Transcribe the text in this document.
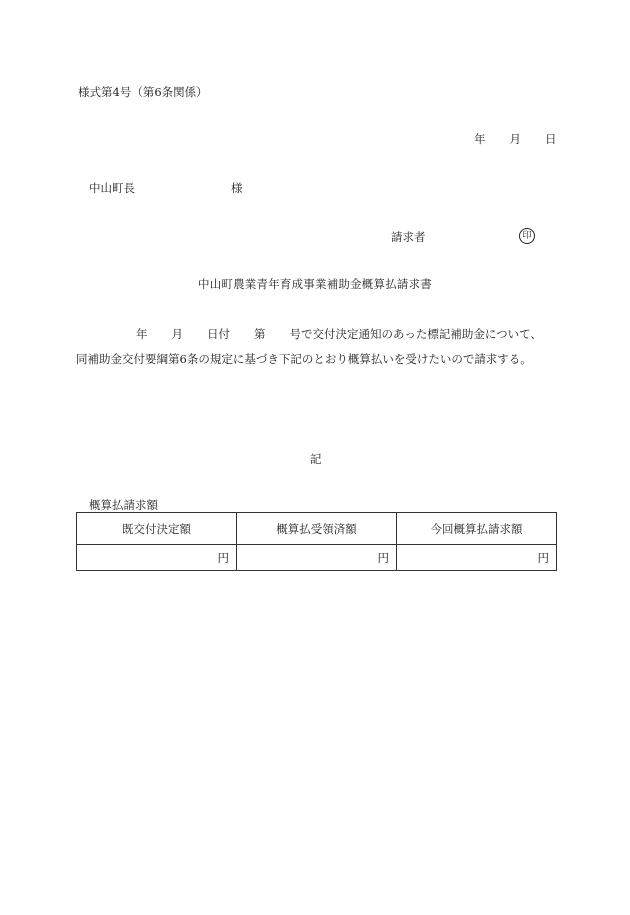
様式第4号（第6条関係）
年 月 日
中山町長	様
請求者	印
中山町農業青年育成事業補助金概算払請求書
年 月 日付 第 号で交付決定通知のあった標記補助金について、
同補助金交付要綱第6条の規定に基づき下記のとおり概算払いを受けたいので請求する。
記
概算払請求額
既交付決定額	概算払受領済額	今回概算払請求額
円	円	円
